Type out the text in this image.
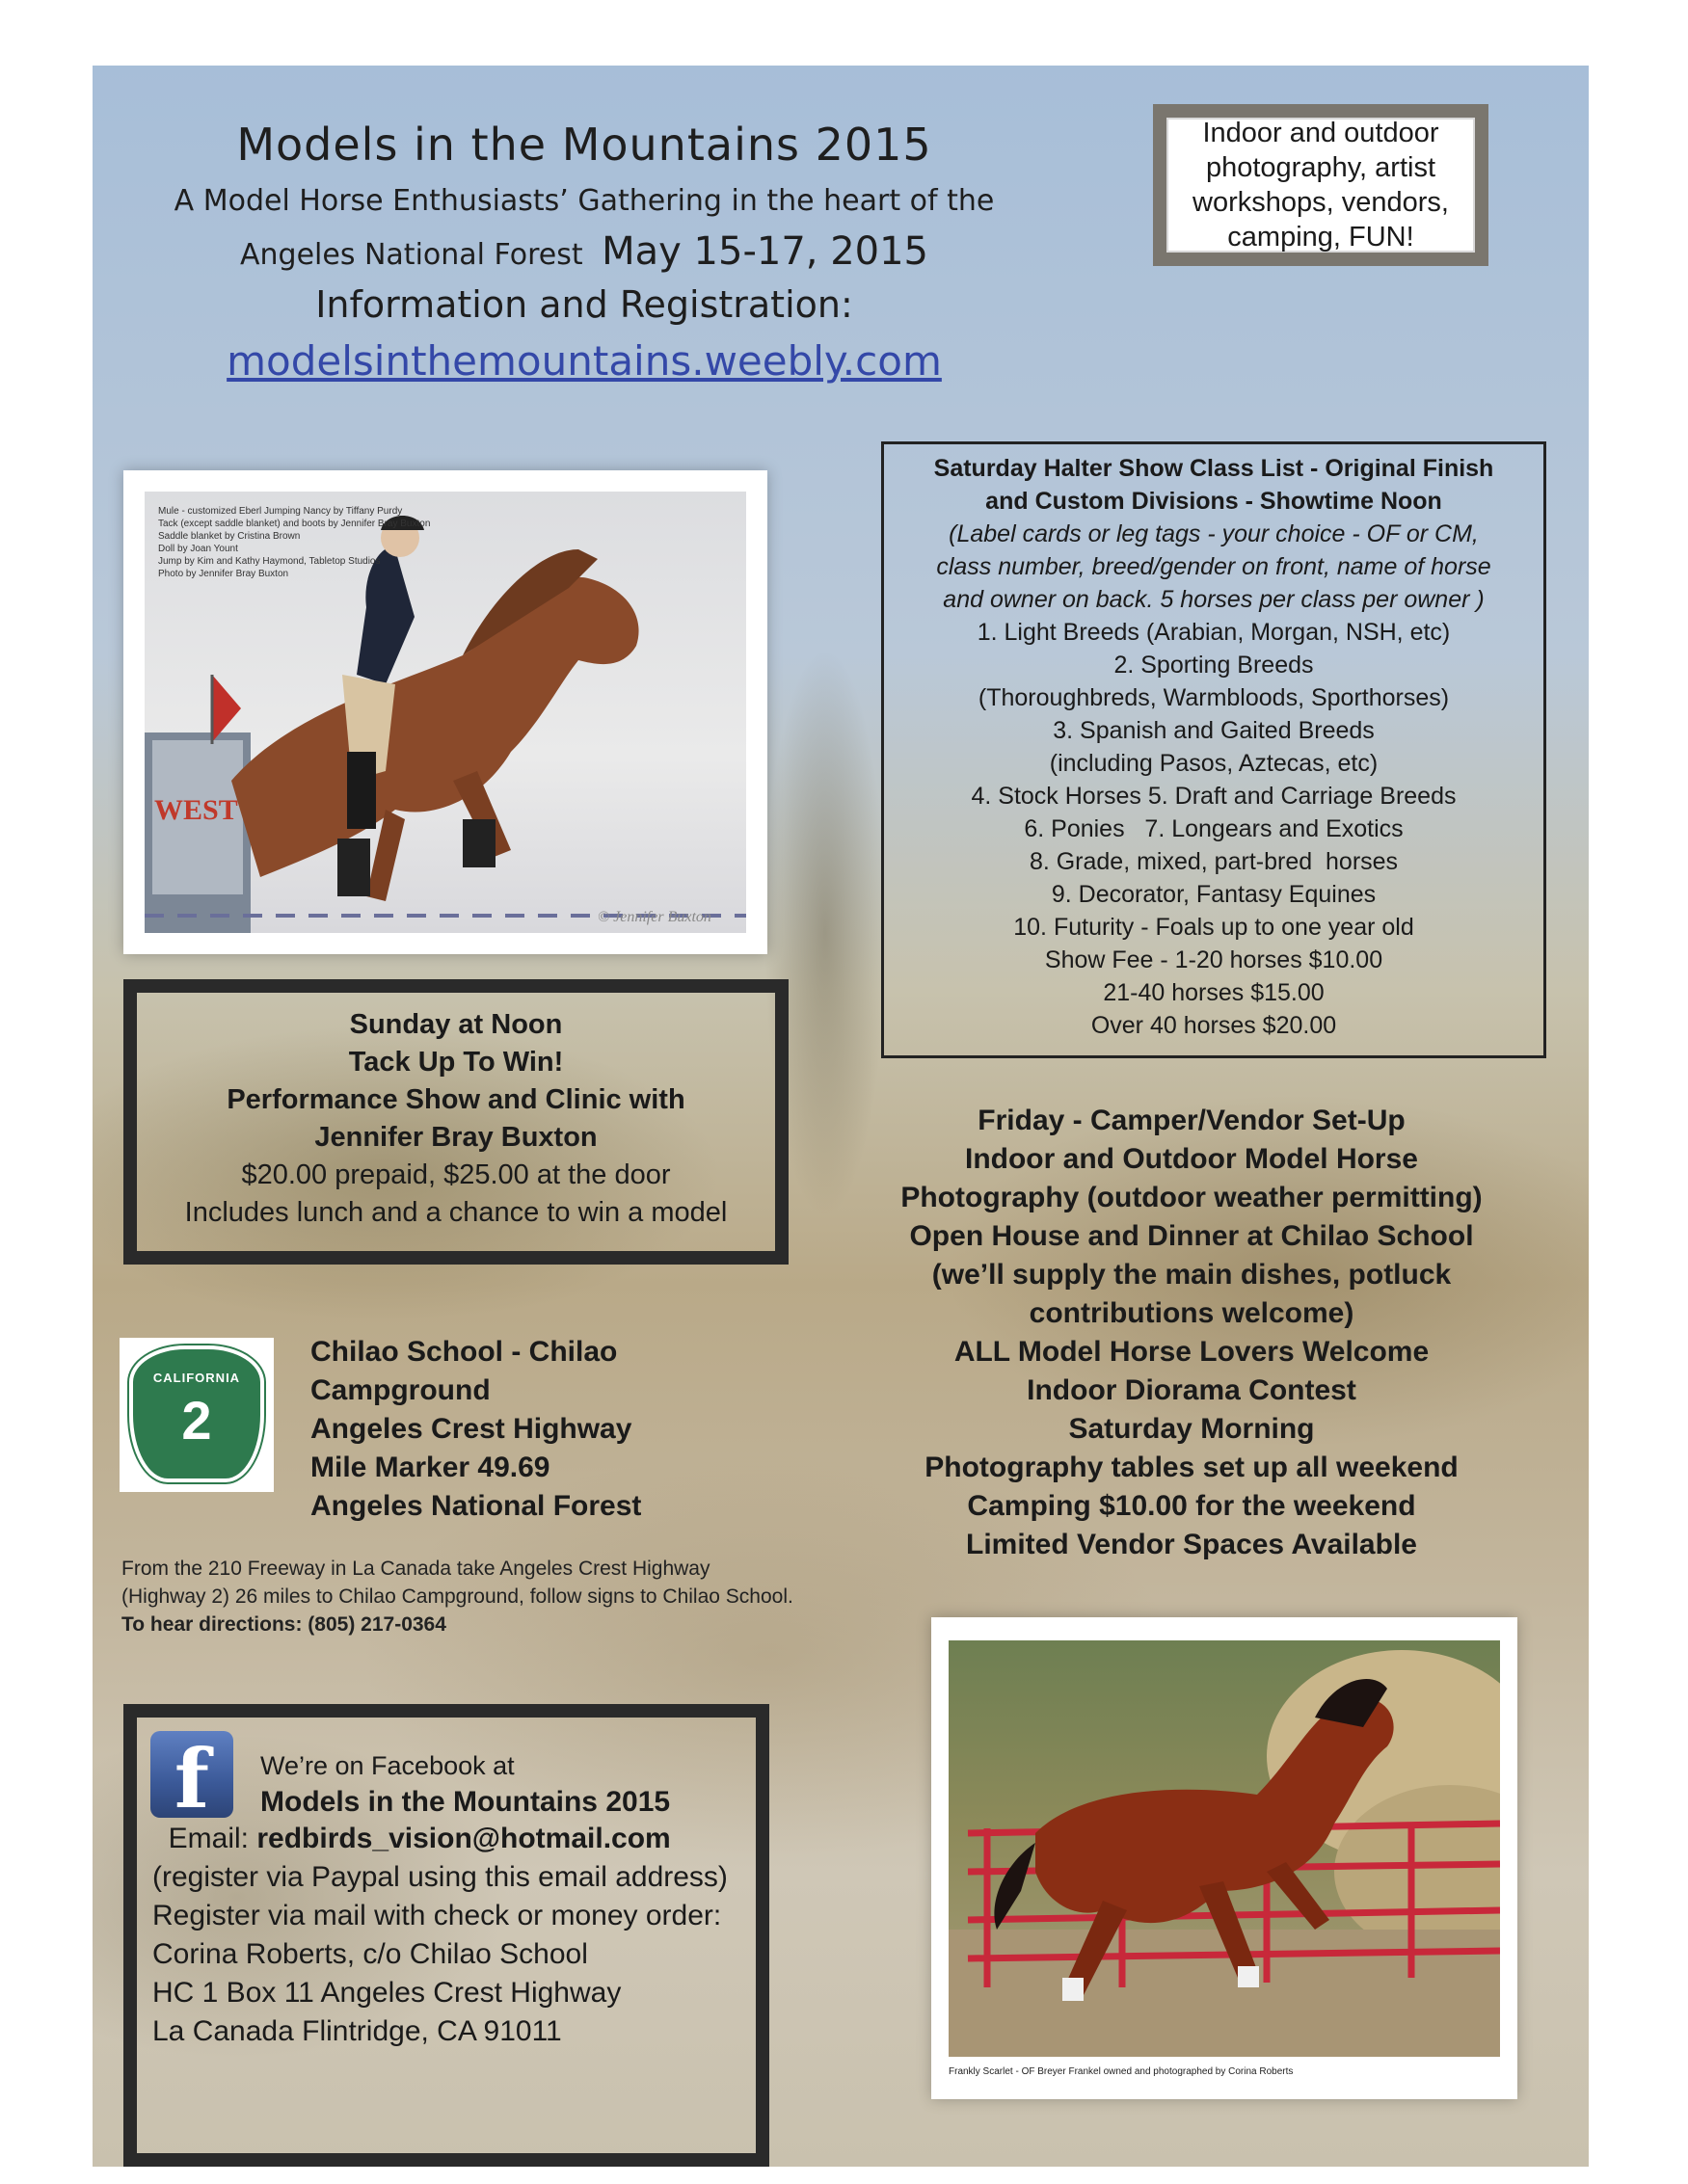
Models in the Mountains 2015
A Model Horse Enthusiasts’ Gathering in the heart of the
Angeles National Forest May 15-17, 2015
Information and Registration:
modelsinthemountains.weebly.com
Indoor and outdoor photography, artist workshops, vendors, camping, FUN!
WEST
© Jennifer Buxton
Mule - customized Eberl Jumping Nancy by Tiffany Purdy
Tack (except saddle blanket) and boots by Jennifer Bray Buxton
Saddle blanket by Cristina Brown
Doll by Joan Yount
Jump by Kim and Kathy Haymond, Tabletop Studios
Photo by Jennifer Bray Buxton
Saturday Halter Show Class List - Original Finish
and Custom Divisions - Showtime Noon
(Label cards or leg tags - your choice - OF or CM,
class number, breed/gender on front, name of horse
and owner on back. 5 horses per class per owner )
1. Light Breeds (Arabian, Morgan, NSH, etc)
2. Sporting Breeds
(Thoroughbreds, Warmbloods, Sporthorses)
3. Spanish and Gaited Breeds
(including Pasos, Aztecas, etc)
4. Stock Horses 5. Draft and Carriage Breeds
6. Ponies   7. Longears and Exotics
8. Grade, mixed, part-bred  horses
9. Decorator, Fantasy Equines
10. Futurity - Foals up to one year old
Show Fee - 1-20 horses $10.00
21-40 horses $15.00
Over 40 horses $20.00
Sunday at Noon
Tack Up To Win!
Performance Show and Clinic with
Jennifer Bray Buxton
$20.00 prepaid, $25.00 at the door
Includes lunch and a chance to win a model
Friday - Camper/Vendor Set-Up
Indoor and Outdoor Model Horse
Photography (outdoor weather permitting)
Open House and Dinner at Chilao School
(we’ll supply the main dishes, potluck
contributions welcome)
ALL Model Horse Lovers Welcome
Indoor Diorama Contest
Saturday Morning
Photography tables set up all weekend
Camping $10.00 for the weekend
Limited Vendor Spaces Available
CALIFORNIA
2
Chilao School - Chilao
Campground
Angeles Crest Highway
Mile Marker 49.69
Angeles National Forest
From the 210 Freeway in La Canada take Angeles Crest Highway (Highway 2) 26 miles to Chilao Campground, follow signs to Chilao School. To hear directions: (805) 217-0364
f	We’re on Facebook at
Models in the Mountains 2015
Email: redbirds_vision@hotmail.com
(register via Paypal using this email address)
Register via mail with check or money order:
Corina Roberts, c/o Chilao School
HC 1 Box 11 Angeles Crest Highway
La Canada Flintridge, CA 91011
Frankly Scarlet - OF Breyer Frankel owned and photographed by Corina Roberts
